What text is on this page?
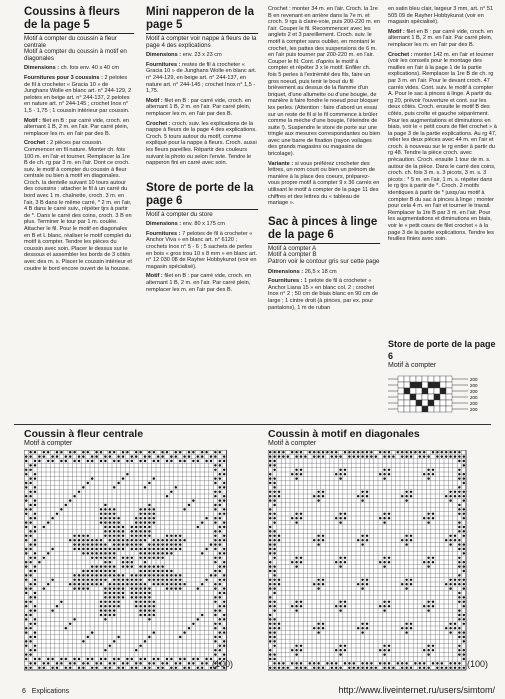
Coussins à fleurs de la page 5

Motif à compter du coussin à fleur centrale
Motif à compter du coussin à motif en diagonales

Dimensions : ch. fois env. 40 x 40 cm

Fournitures pour 3 coussins : 2 pelotes de fil à crocheter « Gracia 10 » de Junghans Wolle en blanc art. n° 244-129, 2 pelotes en beige art. n° 244-137, 2 pelotes en nature art. n° 244-145 ; crochet Inox n° 1,5 - 1,75 ; 1 coussin intérieur par coussin.

Motif : filet en B : par carré vide, croch. en alternant 1 B, 2 m. en l'air. Par carré plein, remplacer les m. en l'air par des B.

Crochet : 2 pièces par coussin. Commencer en fil nature. Monter ch. fois 100 m. en l'air et tourner. Remplacer la 1re B de ch. rg par 3 m. en l'air. Dont ce croch. suiv. le motif à compter du coussin à fleur centrale ou bien à motif en diagonales. Croch. la dentelle suivant 10 tours autour des coussins : attacher le fil à un carré du bord avec 1 m. chaînette, croch. 3 m. en l'air, 3 B dans le même carré, * 2 m. en l'air, 4 B dans le carré suiv., répéter tjrs à partir de *. Dans le carré des coins, croch. 3 B en plus. Terminer le tour par 1 m. coulée. Attacher le fil. Pour le motif en diagonales en B et L blanc, réaliser le motif complet du motif à compter. Tendre les pièces du coussin avec soin. Placer le dessus sur le dessous et assembler les bords de 3 côtés avec des m. s. Placer le coussin intérieur et coudre le bord encore ouvert de la housse.

Mini napperon de la page 5

Motif à compter voir nappe à fleurs de la page 4 des explications

Dimensions : env. 23 x 23 cm

Fournitures : restes de fil à crocheter « Gracia 10 » de Junghans Wolle en blanc art. n° 244-129, en beige art. n° 244-137, en nature art. n° 244-145 ; crochet Inox n° 1,5 - 1,75.

Motif : filet en B : par carré vide, croch. en alternant 1 B, 2 m. en l'air. Par carré plein, remplacer les m. en l'air par des B.

Crochet : croch. suiv. les explications de la nappe à fleurs de la page 4 des explications. Croch. 5 tours autour du motif, comme expliqué pour la nappe à fleurs. Croch. aussi les fleurs pareilles. Répartir des couleurs suivant la photo ou selon l'envie. Tendre le napperon fini en carré avec soin.

Store de porte de la page 6

Motif à compter du store

Dimensions : env. 80 x 175 cm

Fournitures : 7 pelotes de fil à crocheter « Anchor Viva » en blanc art. n° 6120 ; crochets Inox n° 5 - 6 ; 5 sachets de perles en bois « gros trou 10 x 8 mm » en blanc art. n° 12 030 08 de Rayher Hobbykunst (voir en magasin spécialisé).

Motif : filet en B : par carré vide, croch. en alternant 1 B, 2 m. en l'air. Par carré plein, remplacer les m. en l'air par des B.

Crochet : monter 34 m. en l'air. Croch. la 1re B en revenant en arrière dans la 7e m. et croch. 9 rgs à claire-voie, puis 200-220 m. en l'air. Couper le fil. Recommencer avec les anglets 2 et 3 pareillement. Croch. suiv. le motif à compter sans oublier, en montant le crochet, les pattes des suspensions de 6 m. en l'air puis tourner par 200-220 m. en l'air. Couper le fil. Cont. d'après le motif à compter et répéter 3 x le motif. Enfiler ch. fois 5 perles à l'extrémité des fils, faire un gros noeud, puis tenir le bout du fil brièvement au dessus de la flamme d'un briquet, d'une allumette ou d'une bougie, de manière à faire fondre le noeud pour bloquer les perles. (Attention : faire d'abord un essai sur un reste de fil si le fil commence à brûler comme la mèche d'une bougie, l'éteindre de suite !). Suspendre le store de porte sur une tringle aux mesures correspondantes ou bien avec une barre de fixation (rayon voilages des grands magasins ou magasins de bricolage).

Variante : si vous préférez crocheter des lettres, un nom court ou bien un prénom de manière à la place des coeurs, préparez-vous propre motif à compter 9 x 36 carrés en utilisant le motif à compter de la page 11 des chiffres et des lettres du « tableau de mariage ».

Sac à pinces à linge de la page 6

Motif à compter A
Motif à compter B
Patron voir le contour gris sur cette page

Dimensions : 26,5 x 18 cm

Fournitures : 1 pelote de fil à crocheter « Anchor Liana 15 » en blanc col. 2 ; crochet Inox n° 2 ; 50 cm de biais blanc en 90 cm de large ; 1 cintre droit (à pinces, par ex. pour pantalons), 1 m de ruban

en satin bleu clair, largeur 3 mm, art. n° 51 505 09 de Rayher Hobbykunst (voir en magasin spécialisé).

Motif : filet en B : par carré vide, croch. en alternant 1 B, 2 m. en l'air. Par carré plein, remplacer les m. en l'air par des B.

Crochet : monter 142 m. en l'air et tourner (voir les conseils pour le montage des mailles en l'air à la page 1 de la partie explications). Remplacer la 1re B de ch. rg par 3 m. en l'air. Pour le devant croch. 47 carrés vides. Cont. suiv. le motif à compter A. Pour le sac à pinces à linge. A partir du rg 20, prévoir l'ouverture et cont. sur les deux côtés. Croch. ensuite le motif B des côtés, puis croîte et gauche séparément. Pour les augmentations et diminutions en biais, voir le « petit cours de filet crochet » à la page 3 de la partie explications. Au rg 47, relier les deux pièces avec 44 m. en l'air et croch. à nouveau sur le rg entier à partir du rg 48. Tendre la pièce croch. avec précaution. Croch. ensuite 1 tour de m. s. autour de la pièce. Dans le carré des coins, croch. ch. fois 3 m. s. 3 picots, 3 m. s. 3 picots : * 5 m. en l'air, 1 m. s. répéter dans le rg tjrs à partir de *. Croch. 2 motifs identiques à partir de * jusqu'au motif à compter B du sac à pinces à linge ; monter pour cela 4 m. en l'air et tourner le travail. Remplacer la 1re B par 3 m. en l'air. Pour les augmentations et diminutions en biais, voir le « petit cours de filet crochet » à la page 3 de la partie explications. Tendre les feuilles finies avec soin.

Store de porte de la page 6
Motif à compter
200
200
200
200
200
200
Coussin à fleur centrale
Motif à compter
(100)
Coussin à motif en diagonales
Motif à compter
(100)
6 Explications	http://www.liveinternet.ru/users/simtom/
